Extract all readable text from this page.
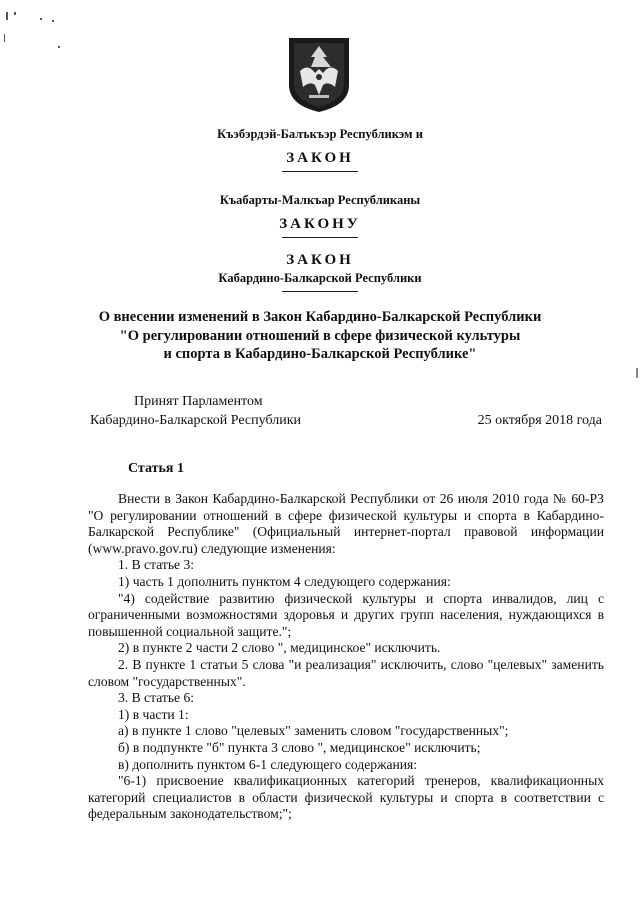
Къэбэрдэй-Балъкъэр Республикэм и
ЗАКОН
Къабарты-Малкъар Республиканы
ЗАКОНУ
ЗАКОН
Кабардино-Балкарской Республики
О внесении изменений в Закон Кабардино-Балкарской Республики
"О регулировании отношений в сфере физической культуры
и спорта в Кабардино-Балкарской Республике"
Принят Парламентом
Кабардино-Балкарской Республики	25 октября 2018 года
Статья 1

Внести в Закон Кабардино-Балкарской Республики от 26 июля 2010 года № 60-РЗ "О регулировании отношений в сфере физической культуры и спорта в Кабардино-Балкарской Республике" (Официальный интернет-портал правовой информации (www.pravo.gov.ru) следующие изменения:

1. В статье 3:

1) часть 1 дополнить пунктом 4 следующего содержания:

"4) содействие развитию физической культуры и спорта инвалидов, лиц с ограниченными возможностями здоровья и других групп населения, нуждающихся в повышенной социальной защите.";

2) в пункте 2 части 2 слово ", медицинское" исключить.

2. В пункте 1 статьи 5 слова "и реализация" исключить, слово "целевых" заменить словом "государственных".

3. В статье 6:

1) в части 1:

а) в пункте 1 слово "целевых" заменить словом "государственных";

б) в подпункте "б" пункта 3 слово ", медицинское" исключить;

в) дополнить пунктом 6-1 следующего содержания:

"6-1) присвоение квалификационных категорий тренеров, квалификационных категорий специалистов в области физической культуры и спорта в соответствии с федеральным законодательством;";
